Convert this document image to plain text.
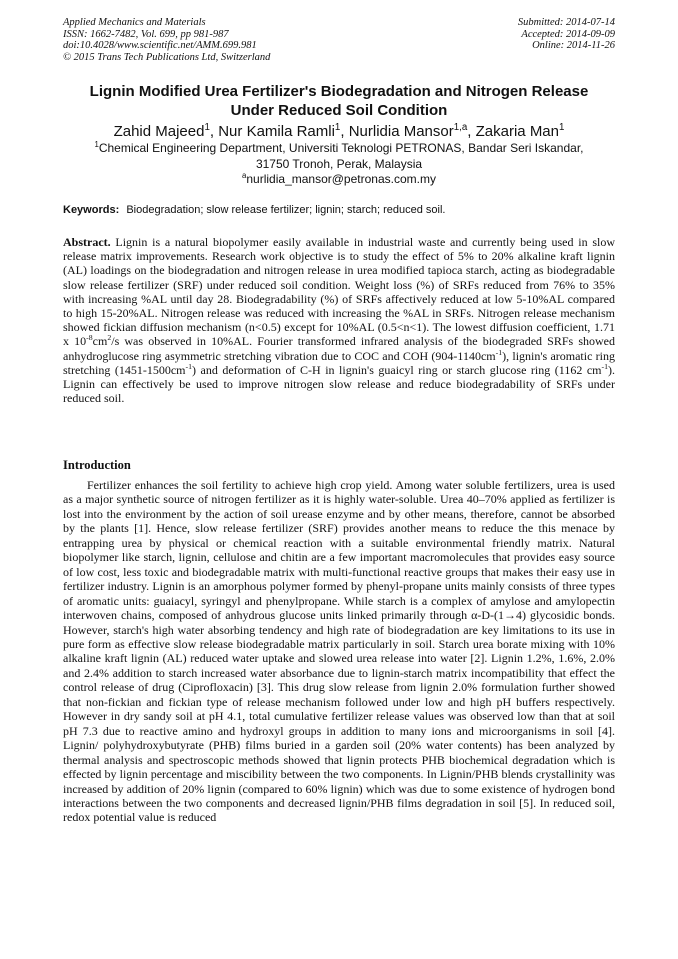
Applied Mechanics and Materials
ISSN: 1662-7482, Vol. 699, pp 981-987
doi:10.4028/www.scientific.net/AMM.699.981
© 2015 Trans Tech Publications Ltd, Switzerland
Submitted: 2014-07-14
Accepted: 2014-09-09
Online: 2014-11-26
Lignin Modified Urea Fertilizer's Biodegradation and Nitrogen Release
Under Reduced Soil Condition
Zahid Majeed$^1$, Nur Kamila Ramli$^1$, Nurlidia Mansor$^{1,a}$, Zakaria Man$^1$
$^1$Chemical Engineering Department, Universiti Teknologi PETRONAS, Bandar Seri Iskandar,
31750 Tronoh, Perak, Malaysia
$^a$nurlidia_mansor@petronas.com.my
Keywords: Biodegradation; slow release fertilizer; lignin; starch; reduced soil.

Abstract. Lignin is a natural biopolymer easily available in industrial waste and currently being used in slow release matrix improvements. Research work objective is to study the effect of 5% to 20% alkaline kraft lignin (AL) loadings on the biodegradation and nitrogen release in urea modified tapioca starch, acting as biodegradable slow release fertilizer (SRF) under reduced soil condition. Weight loss (%) of SRFs reduced from 76% to 35% with increasing %AL until day 28. Biodegradability (%) of SRFs affectively reduced at low 5-10%AL compared to high 15-20%AL. Nitrogen release was reduced with increasing the %AL in SRFs. Nitrogen release mechanism showed fickian diffusion mechanism (n<0.5) except for 10%AL (0.5<n<1). The lowest diffusion coefficient, 1.71 x $10^{-8}cm^2/s$ was observed in 10%AL. Fourier transformed infrared analysis of the biodegraded SRFs showed anhydroglucose ring asymmetric stretching vibration due to COC and COH $(904-1140cm^{-1})$, lignin's aromatic ring stretching $(1451-1500cm^{-1})$ and deformation of C-H in lignin's guaicyl ring or starch glucose ring (1162 $cm^{-1}$). Lignin can effectively be used to improve nitrogen slow release and reduce biodegradability of SRFs under reduced soil.

Introduction

Fertilizer enhances the soil fertility to achieve high crop yield. Among water soluble fertilizers, urea is used as a major synthetic source of nitrogen fertilizer as it is highly water-soluble. Urea 40–70% applied as fertilizer is lost into the environment by the action of soil urease enzyme and by other means, therefore, cannot be absorbed by the plants [1]. Hence, slow release fertilizer (SRF) provides another means to reduce the this menace by entrapping urea by physical or chemical reaction with a suitable environmental friendly matrix. Natural biopolymer like starch, lignin, cellulose and chitin are a few important macromolecules that provides easy source of low cost, less toxic and biodegradable matrix with multi-functional reactive groups that makes their easy use in fertilizer industry. Lignin is an amorphous polymer formed by phenyl-propane units mainly consists of three types of aromatic units: guaiacyl, syringyl and phenylpropane. While starch is a complex of amylose and amylopectin interwoven chains, composed of anhydrous glucose units linked primarily through α-D-(1→4) glycosidic bonds. However, starch's high water absorbing tendency and high rate of biodegradation are key limitations to its use in pure form as effective slow release biodegradable matrix particularly in soil. Starch urea borate mixing with 10% alkaline kraft lignin (AL) reduced water uptake and slowed urea release into water [2]. Lignin 1.2%, 1.6%, 2.0% and 2.4% addition to starch increased water absorbance due to lignin-starch matrix incompatibility that effect the control release of drug (Ciprofloxacin) [3]. This drug slow release from lignin 2.0% formulation further showed that non-fickian and fickian type of release mechanism followed under low and high pH buffers respectively. However in dry sandy soil at pH 4.1, total cumulative fertilizer release values was observed low than that at soil pH 7.3 due to reactive amino and hydroxyl groups in addition to many ions and microorganisms in soil [4]. Lignin/ polyhydroxybutyrate (PHB) films buried in a garden soil (20% water contents) has been analyzed by thermal analysis and spectroscopic methods showed that lignin protects PHB biochemical degradation which is effected by lignin percentage and miscibility between the two components. In Lignin/PHB blends crystallinity was increased by addition of 20% lignin (compared to 60% lignin) which was due to some existence of hydrogen bond interactions between the two components and decreased lignin/PHB films degradation in soil [5]. In reduced soil, redox potential value is reduced
